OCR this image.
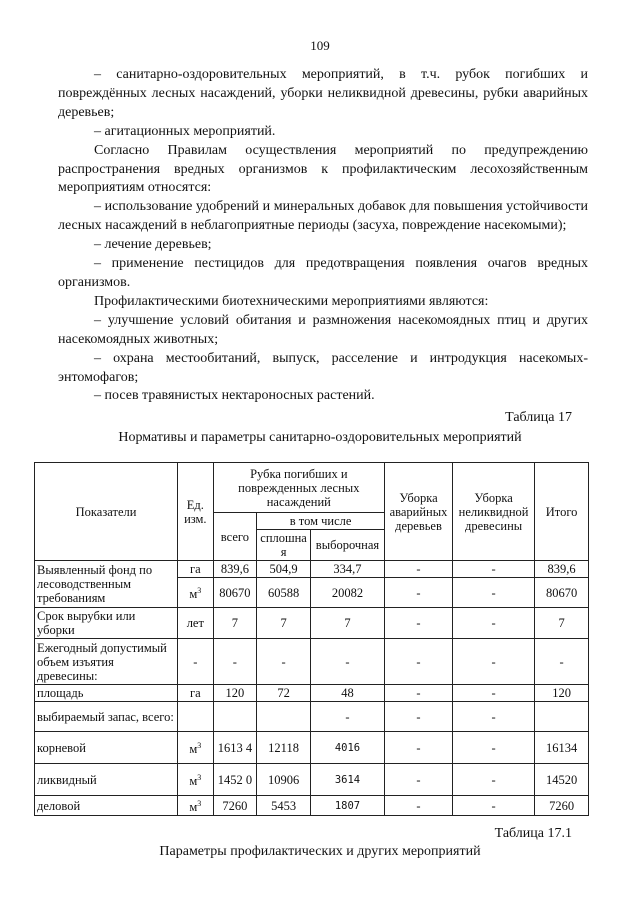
109

– санитарно-оздоровительных мероприятий, в т.ч. рубок погибших и повреждённых лесных насаждений, уборки неликвидной древесины, рубки аварийных деревьев;

– агитационных мероприятий.

Согласно Правилам осуществления мероприятий по предупреждению распространения вредных организмов к профилактическим лесохозяйственным мероприятиям относятся:

– использование удобрений и минеральных добавок для повышения устойчивости лесных насаждений в неблагоприятные периоды (засуха, повреждение насекомыми);

– лечение деревьев;

– применение пестицидов для предотвращения появления очагов вредных организмов.

Профилактическими биотехническими мероприятиями являются:

– улучшение условий обитания и размножения насекомоядных птиц и других насекомоядных животных;

– охрана местообитаний, выпуск, расселение и интродукция насекомых-энтомофагов;

– посев травянистых нектароносных растений.

Таблица 17
Нормативы и параметры санитарно-оздоровительных мероприятий
Показатели	Ед. изм.	Рубка погибших и поврежденных лесных насаждений			Уборка аварийных деревьев	Уборка неликвидной древесины	Итого
		всего	в том числе				
			сплошна я	выборочная			
Выявленный фонд по лесоводственным требованиям	га	839,6	504,9	334,7	-	-	839,6
	$м^3$	80670	60588	20082	-	-	80670
Срок вырубки или уборки	лет	7	7	7	-	-	7
Ежегодный допустимый объем изъятия древесины:	-	-	-	-	-	-	-
площадь	га	120	72	48	-	-	120
выбираемый запас, всего:				-	-	-	
корневой	$м^3$	1613 4	12118	4016	-	-	16134
ликвидный	$м^3$	1452 0	10906	3614	-	-	14520
деловой	$м^3$	7260	5453	1807	-	-	7260
Таблица 17.1
Параметры профилактических и других мероприятий
